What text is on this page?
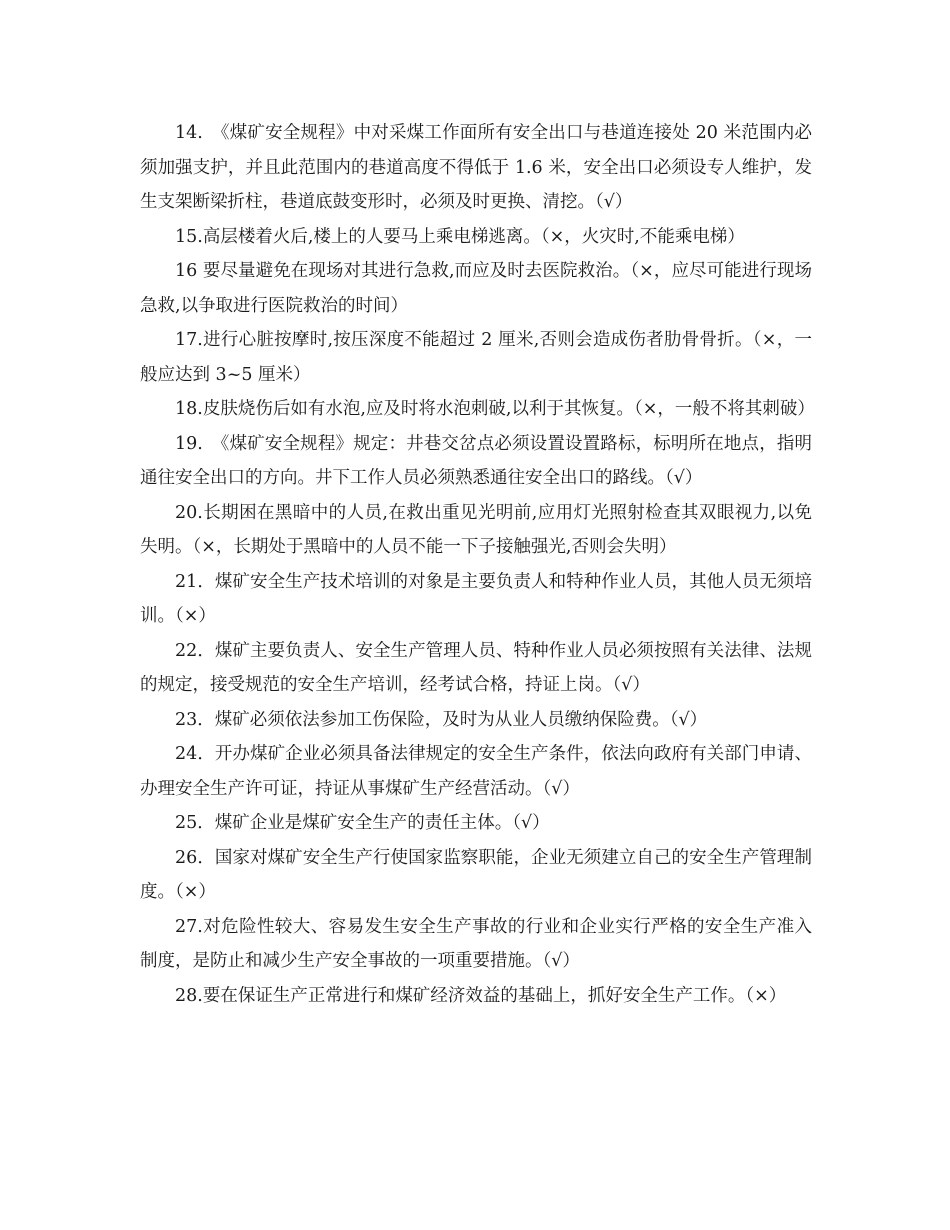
14.　《煤矿安全规程》中对采煤工作面所有安全出口与巷道连接处 20 米范围内必须加强支护，并且此范围内的巷道高度不得低于 1.6 米，安全出口必须设专人维护，发生支架断梁折柱，巷道底鼓变形时，必须及时更换、清挖。（√）

15.高层楼着火后,楼上的人要马上乘电梯逃离。（×，火灾时,不能乘电梯）

16 要尽量避免在现场对其进行急救,而应及时去医院救治。（×，应尽可能进行现场急救,以争取进行医院救治的时间）

17.进行心脏按摩时,按压深度不能超过 2 厘米,否则会造成伤者肋骨骨折。（×，一般应达到 3~5 厘米）

18.皮肤烧伤后如有水泡,应及时将水泡刺破,以利于其恢复。（×，一般不将其刺破）

19.　《煤矿安全规程》规定：井巷交岔点必须设置设置路标，标明所在地点，指明通往安全出口的方向。井下工作人员必须熟悉通往安全出口的路线。（√）

20.长期困在黑暗中的人员,在救出重见光明前,应用灯光照射检查其双眼视力,以免失明。（×，长期处于黑暗中的人员不能一下子接触强光,否则会失明）

21．煤矿安全生产技术培训的对象是主要负责人和特种作业人员，其他人员无须培训。（×）

22．煤矿主要负责人、安全生产管理人员、特种作业人员必须按照有关法律、法规的规定，接受规范的安全生产培训，经考试合格，持证上岗。（√）

23．煤矿必须依法参加工伤保险，及时为从业人员缴纳保险费。（√）

24．开办煤矿企业必须具备法律规定的安全生产条件，依法向政府有关部门申请、办理安全生产许可证，持证从事煤矿生产经营活动。（√）

25．煤矿企业是煤矿安全生产的责任主体。（√）

26．国家对煤矿安全生产行使国家监察职能，企业无须建立自己的安全生产管理制度。（×）

27.对危险性较大、容易发生安全生产事故的行业和企业实行严格的安全生产准入制度，是防止和减少生产安全事故的一项重要措施。（√）

28.要在保证生产正常进行和煤矿经济效益的基础上，抓好安全生产工作。（×）
